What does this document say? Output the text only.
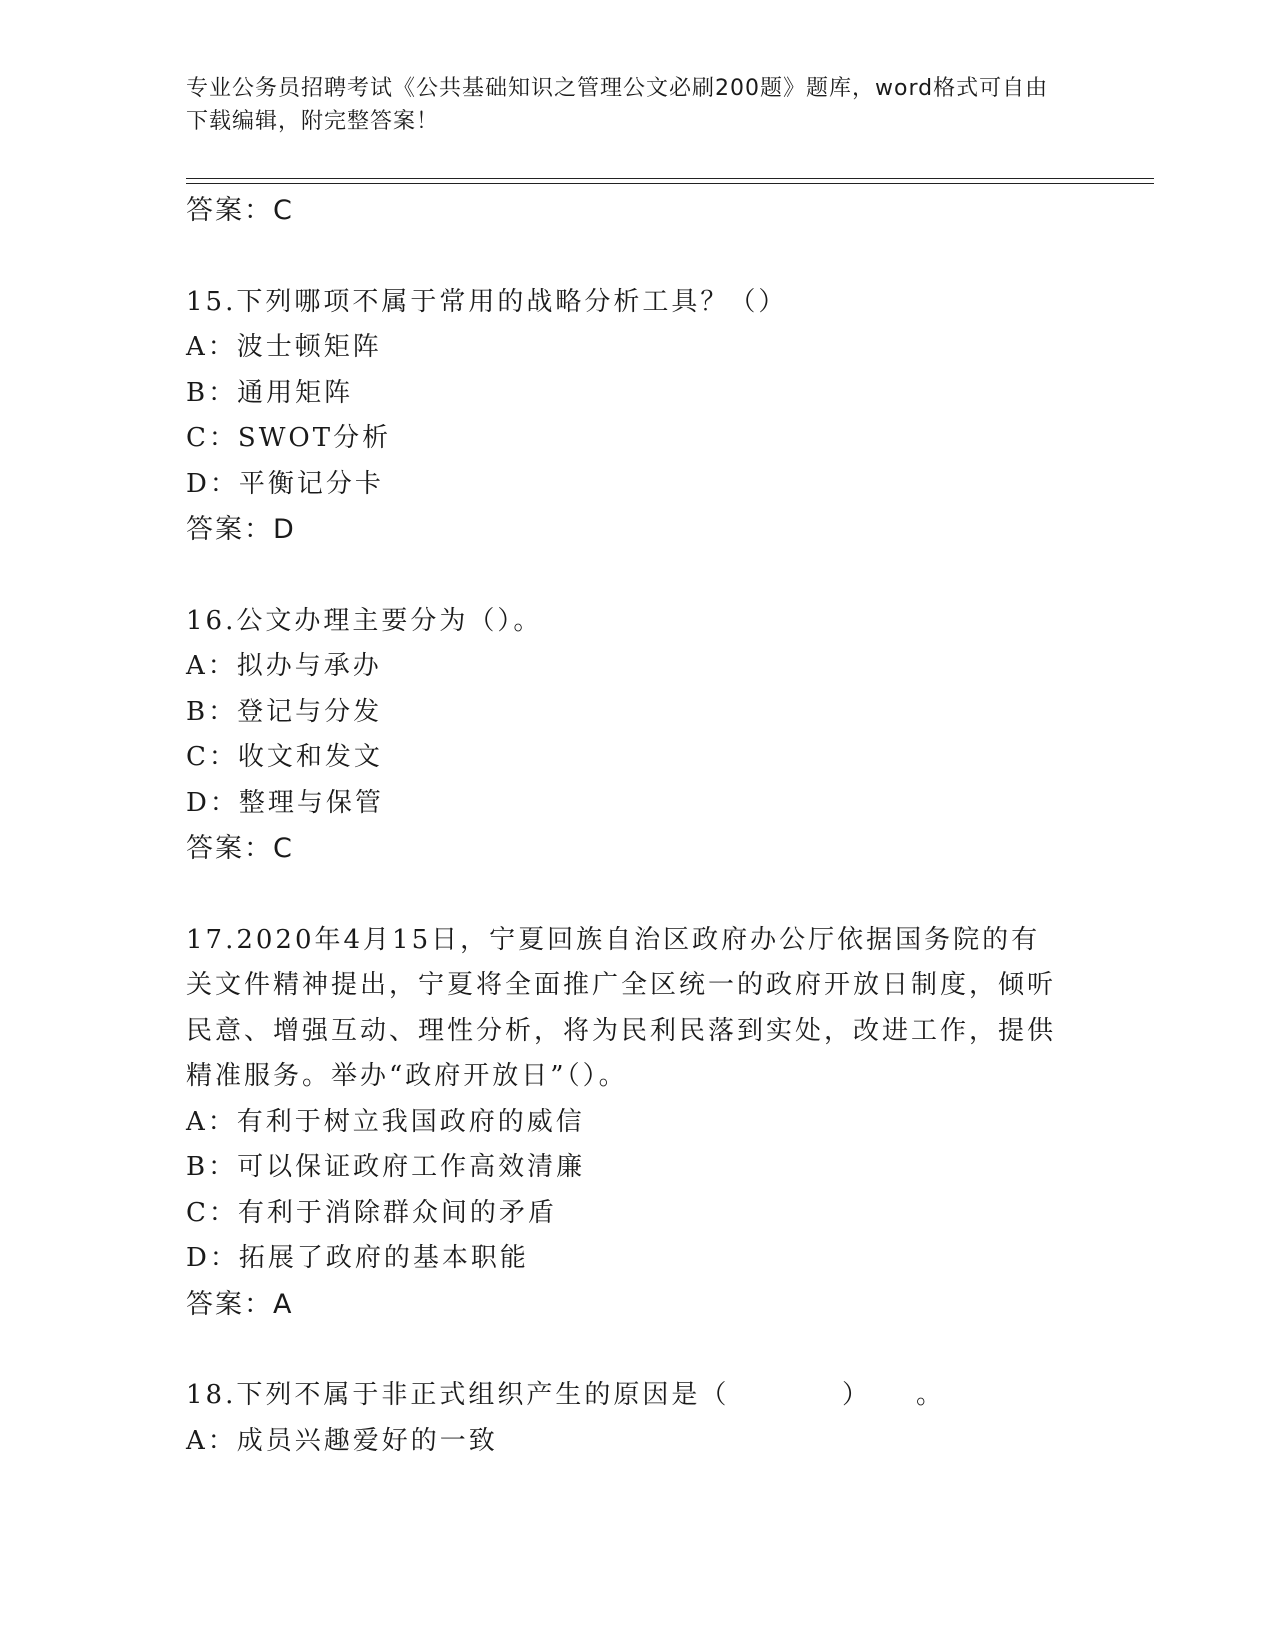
专业公务员招聘考试《公共基础知识之管理公文必刷200题》题库，word格式可自由下载编辑，附完整答案！
答案：C
15.下列哪项不属于常用的战略分析工具？（）
A：波士顿矩阵
B：通用矩阵
C：SWOT分析
D：平衡记分卡
答案：D
16.公文办理主要分为（）。
A：拟办与承办
B：登记与分发
C：收文和发文
D：整理与保管
答案：C
17.2020年4月15日，宁夏回族自治区政府办公厅依据国务院的有关文件精神提出，宁夏将全面推广全区统一的政府开放日制度，倾听民意、增强互动、理性分析，将为民利民落到实处，改进工作，提供精准服务。举办“政府开放日”（）。
A：有利于树立我国政府的威信
B：可以保证政府工作高效清廉
C：有利于消除群众间的矛盾
D：拓展了政府的基本职能
答案：A
18.下列不属于非正式组织产生的原因是（          ）    。
A：成员兴趣爱好的一致
